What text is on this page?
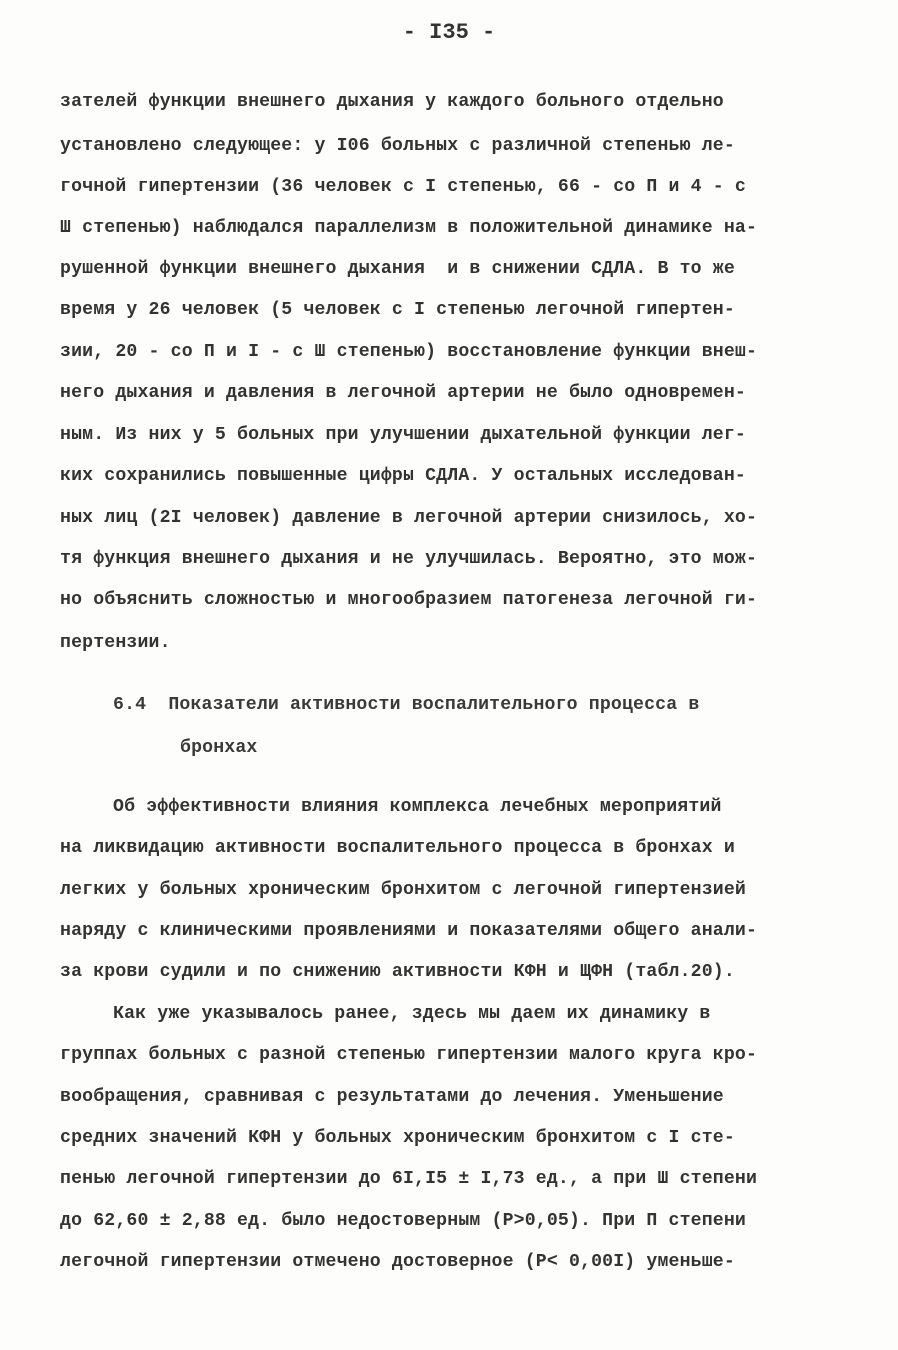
- I35 -
зателей функции внешнего дыхания у каждого больного отдельно
установлено следующее: у I06 больных с различной степенью ле-
гочной гипертензии (36 человек с I степенью, 66 - со П и 4 - с
Ш степенью) наблюдался параллелизм в положительной динамике на-
рушенной функции внешнего дыхания  и в снижении СДЛА. В то же
время у 26 человек (5 человек с I степенью легочной гипертен-
зии, 20 - со П и I - с Ш степенью) восстановление функции внеш-
него дыхания и давления в легочной артерии не было одновремен-
ным. Из них у 5 больных при улучшении дыхательной функции лег-
ких сохранились повышенные цифры СДЛА. У остальных исследован-
ных лиц (2I человек) давление в легочной артерии снизилось, хо-
тя функция внешнего дыхания и не улучшилась. Вероятно, это мож-
но объяснить сложностью и многообразием патогенеза легочной ги-
пертензии.
6.4  Показатели активности воспалительного процесса в
бронхах
Об эффективности влияния комплекса лечебных мероприятий
на ликвидацию активности воспалительного процесса в бронхах и
легких у больных хроническим бронхитом с легочной гипертензией
наряду с клиническими проявлениями и показателями общего анали-
за крови судили и по снижению активности КФН и ЩФН (табл.20).
Как уже указывалось ранее, здесь мы даем их динамику в
группах больных с разной степенью гипертензии малого круга кро-
вообращения, сравнивая с результатами до лечения. Уменьшение
средних значений КФН у больных хроническим бронхитом с I сте-
пенью легочной гипертензии до 6I,I5 ± I,73 ед., а при Ш степени
до 62,60 ± 2,88 ед. было недостоверным (Р>0,05). При П степени
легочной гипертензии отмечено достоверное (Р< 0,00I) уменьше-
